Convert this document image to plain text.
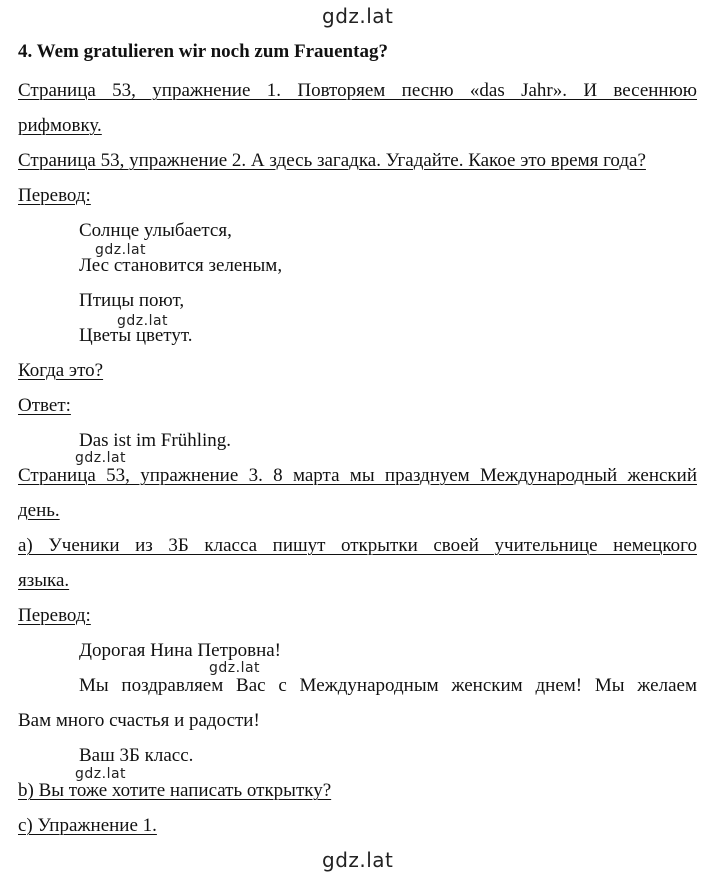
gdz.lat
gdz.lat
gdz.lat
gdz.lat
gdz.lat
gdz.lat
gdz.lat
4. Wem gratulieren wir noch zum Frauentag?
Страница 53, упражнение 1. Повторяем песню «das Jahr». И весеннюю
рифмовку.
Страница 53, упражнение 2. А здесь загадка. Угадайте. Какое это время года?
Перевод:
Солнце улыбается,
Лес становится зеленым,
Птицы поют,
Цветы цветут.
Когда это?
Ответ:
Das ist im Frühling.
Страница 53, упражнение 3. 8 марта мы празднуем Международный женский
день.
а) Ученики из 3Б класса пишут открытки своей учительнице немецкого
языка.
Перевод:
Дорогая Нина Петровна!
Мы поздравляем Вас с Международным женским днем! Мы желаем
Вам много счастья и радости!
Ваш 3Б класс.
b) Вы тоже хотите написать открытку?
c) Упражнение 1.
